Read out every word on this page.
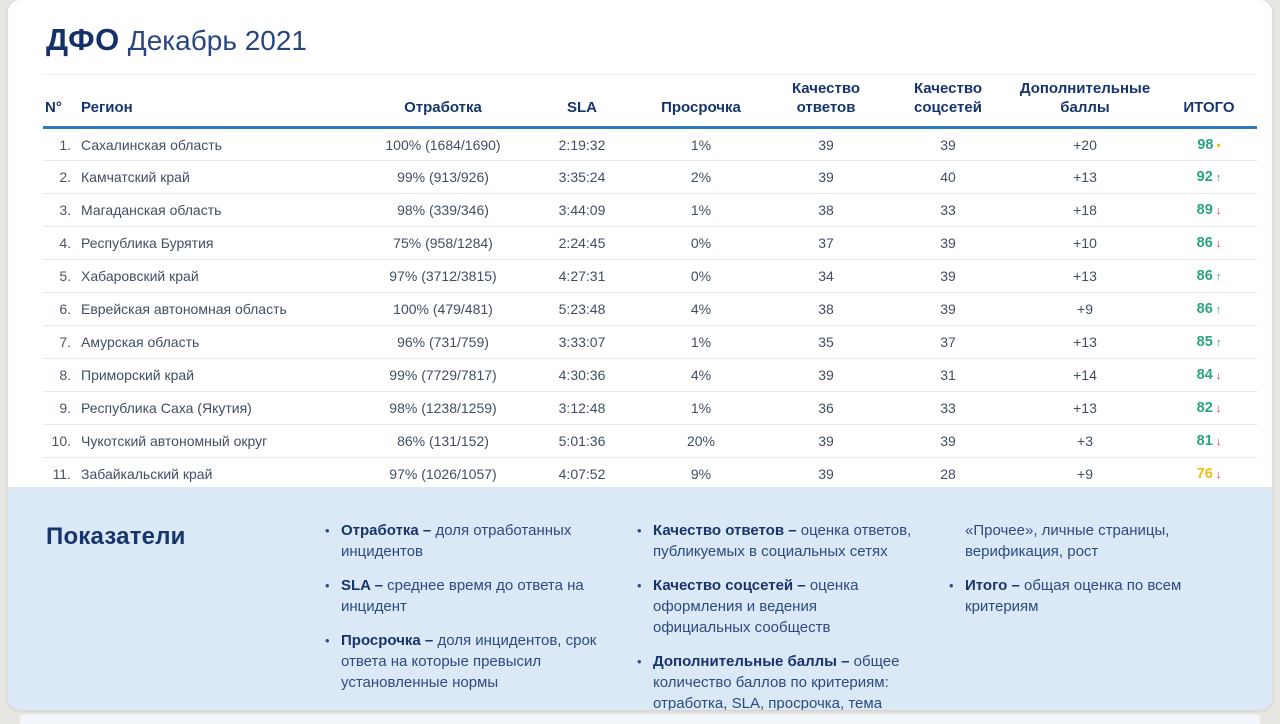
ДФО Декабрь 2021
N°	Регион	Отработка	SLA	Просрочка	Качество ответов	Качество соцсетей	Дополнительные баллы	ИТОГО
1.	Сахалинская область	100% (1684/1690)	2:19:32	1%	39	39	+20	98 •
2.	Камчатский край	99% (913/926)	3:35:24	2%	39	40	+13	92 ↑
3.	Магаданская область	98% (339/346)	3:44:09	1%	38	33	+18	89 ↓
4.	Республика Бурятия	75% (958/1284)	2:24:45	0%	37	39	+10	86 ↓
5.	Хабаровский край	97% (3712/3815)	4:27:31	0%	34	39	+13	86 ↑
6.	Еврейская автономная область	100% (479/481)	5:23:48	4%	38	39	+9	86 ↑
7.	Амурская область	96% (731/759)	3:33:07	1%	35	37	+13	85 ↑
8.	Приморский край	99% (7729/7817)	4:30:36	4%	39	31	+14	84 ↓
9.	Республика Саха (Якутия)	98% (1238/1259)	3:12:48	1%	36	33	+13	82 ↓
10.	Чукотский автономный округ	86% (131/152)	5:01:36	20%	39	39	+3	81 ↓
11.	Забайкальский край	97% (1026/1057)	4:07:52	9%	39	28	+9	76 ↓
Показатели	• Отработка – доля отработанных инцидентов
• SLA – среднее время до ответа на инцидент
• Просрочка – доля инцидентов, срок ответа на которые превысил установленные нормы
• Качество ответов – оценка ответов, публикуемых в социальных сетях
• Качество соцсетей – оценка оформления и ведения официальных сообществ
• Дополнительные баллы – общее количество баллов по критериям: отработка, SLA, просрочка, тема
«Прочее», личные страницы, верификация, рост
• Итого – общая оценка по всем критериям
